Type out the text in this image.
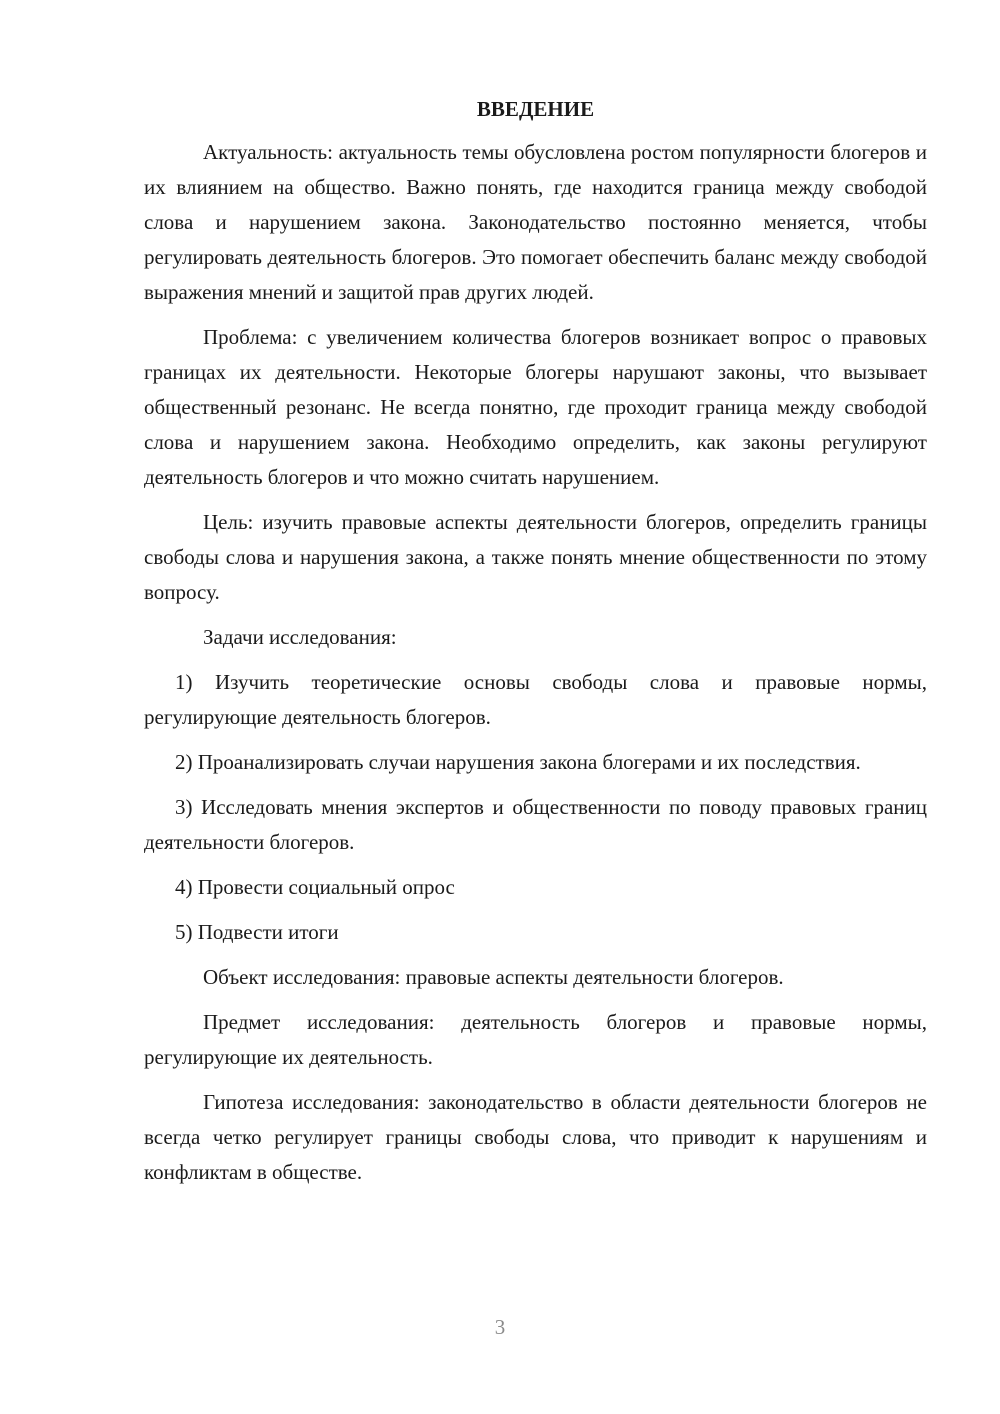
ВВЕДЕНИЕ

Актуальность: актуальность темы обусловлена ростом популярности блогеров и их влиянием на общество. Важно понять, где находится граница между свободой слова и нарушением закона. Законодательство постоянно меняется, чтобы регулировать деятельность блогеров. Это помогает обеспечить баланс между свободой выражения мнений и защитой прав других людей.

Проблема: с увеличением количества блогеров возникает вопрос о правовых границах их деятельности. Некоторые блогеры нарушают законы, что вызывает общественный резонанс. Не всегда понятно, где проходит граница между свободой слова и нарушением закона. Необходимо определить, как законы регулируют деятельность блогеров и что можно считать нарушением.

Цель: изучить правовые аспекты деятельности блогеров, определить границы свободы слова и нарушения закона, а также понять мнение общественности по этому вопросу.

Задачи исследования:

1) Изучить теоретические основы свободы слова и правовые нормы, регулирующие деятельность блогеров.

2) Проанализировать случаи нарушения закона блогерами и их последствия.

3) Исследовать мнения экспертов и общественности по поводу правовых границ деятельности блогеров.

4) Провести социальный опрос

5) Подвести итоги

Объект исследования: правовые аспекты деятельности блогеров.

Предмет исследования: деятельность блогеров и правовые нормы, регулирующие их деятельность.

Гипотеза исследования: законодательство в области деятельности блогеров не всегда четко регулирует границы свободы слова, что приводит к нарушениям и конфликтам в обществе.

3
